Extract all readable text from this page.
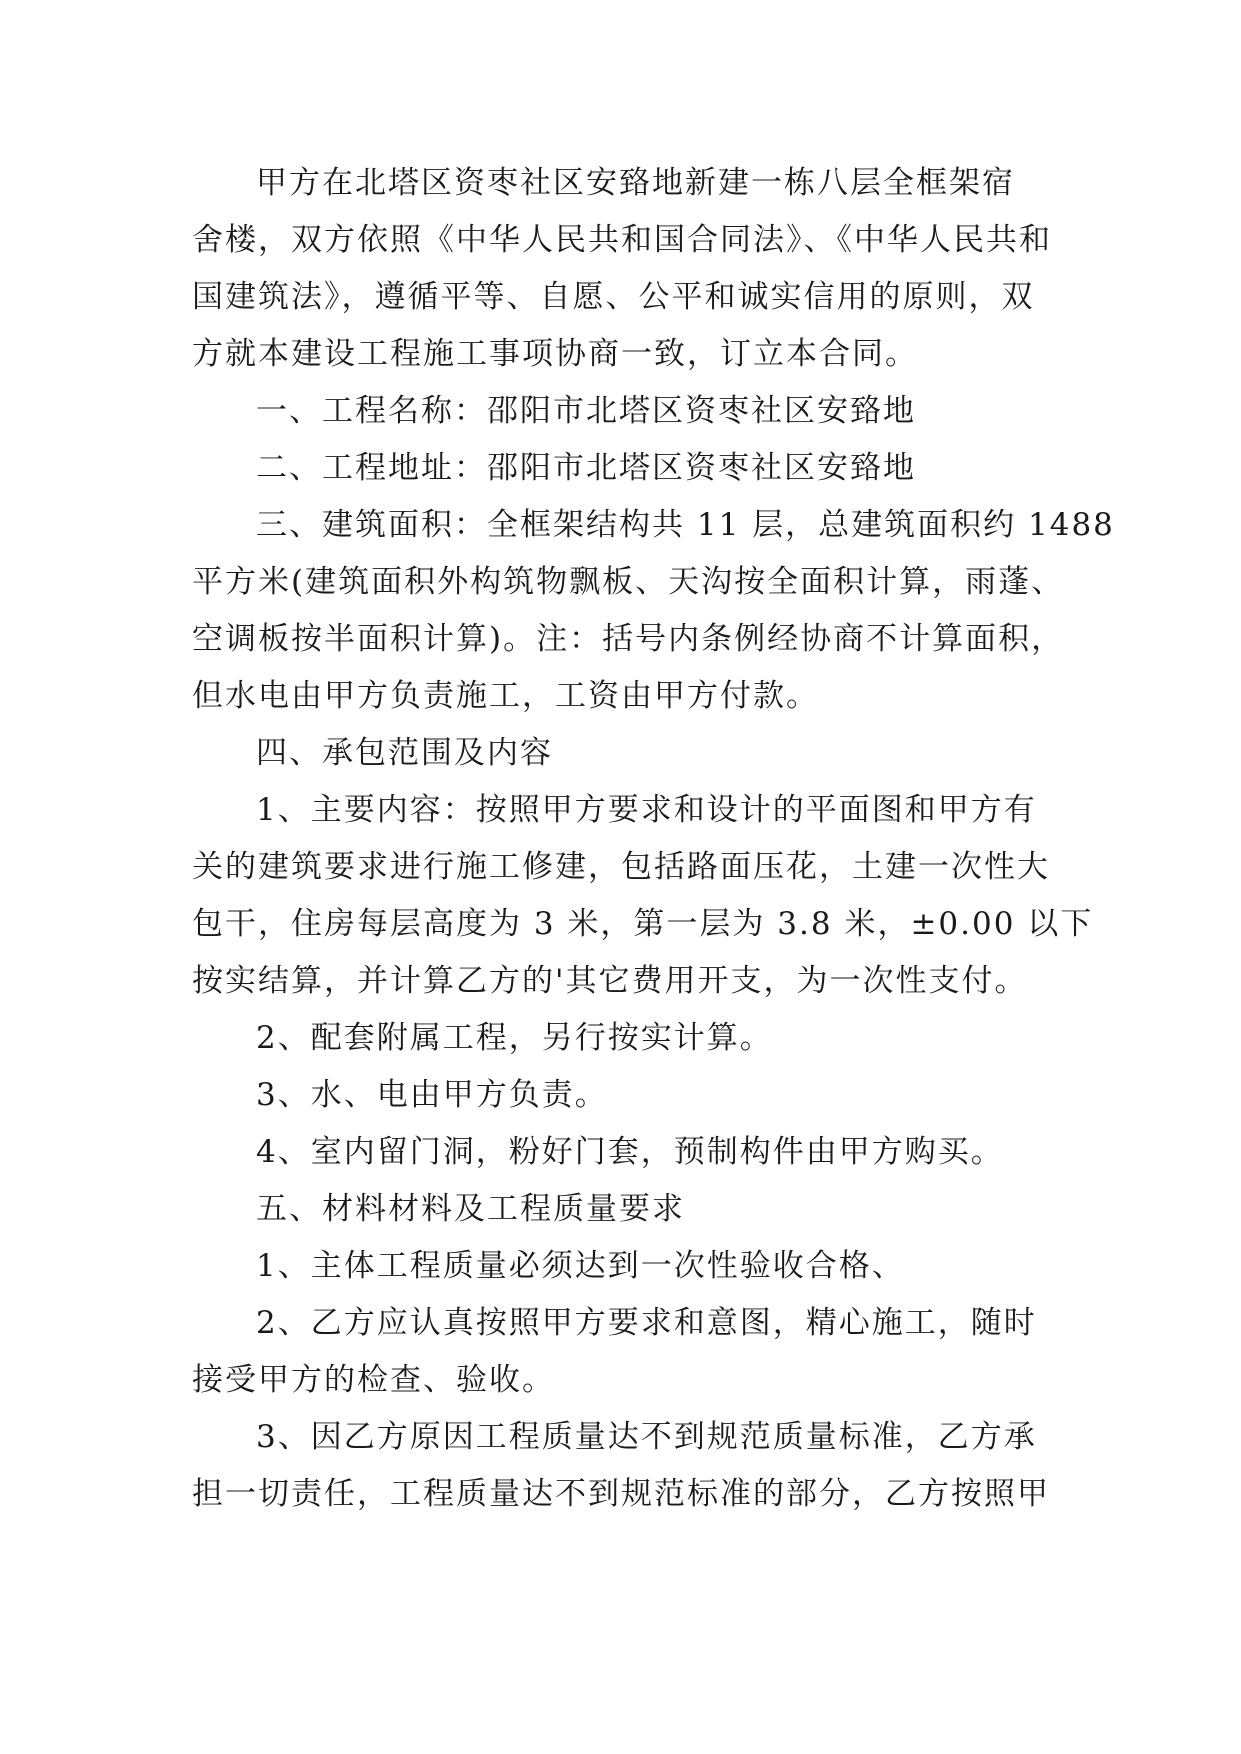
甲方在北塔区资枣社区安臵地新建一栋八层全框架宿
舍楼，双方依照《中华人民共和国合同法》、《中华人民共和
国建筑法》，遵循平等、自愿、公平和诚实信用的原则，双
方就本建设工程施工事项协商一致，订立本合同。
一、工程名称：邵阳市北塔区资枣社区安臵地
二、工程地址：邵阳市北塔区资枣社区安臵地
三、建筑面积：全框架结构共 11 层，总建筑面积约 1488
平方米(建筑面积外构筑物飘板、天沟按全面积计算，雨蓬、
空调板按半面积计算)。注：括号内条例经协商不计算面积，
但水电由甲方负责施工，工资由甲方付款。
四、承包范围及内容
1、主要内容：按照甲方要求和设计的平面图和甲方有
关的建筑要求进行施工修建，包括路面压花，土建一次性大
包干，住房每层高度为 3 米，第一层为 3.8 米，±0.00 以下
按实结算，并计算乙方的'其它费用开支，为一次性支付。
2、配套附属工程，另行按实计算。
3、水、电由甲方负责。
4、室内留门洞，粉好门套，预制构件由甲方购买。
五、材料材料及工程质量要求
1、主体工程质量必须达到一次性验收合格、
2、乙方应认真按照甲方要求和意图，精心施工，随时
接受甲方的检查、验收。
3、因乙方原因工程质量达不到规范质量标准，乙方承
担一切责任，工程质量达不到规范标准的部分，乙方按照甲
